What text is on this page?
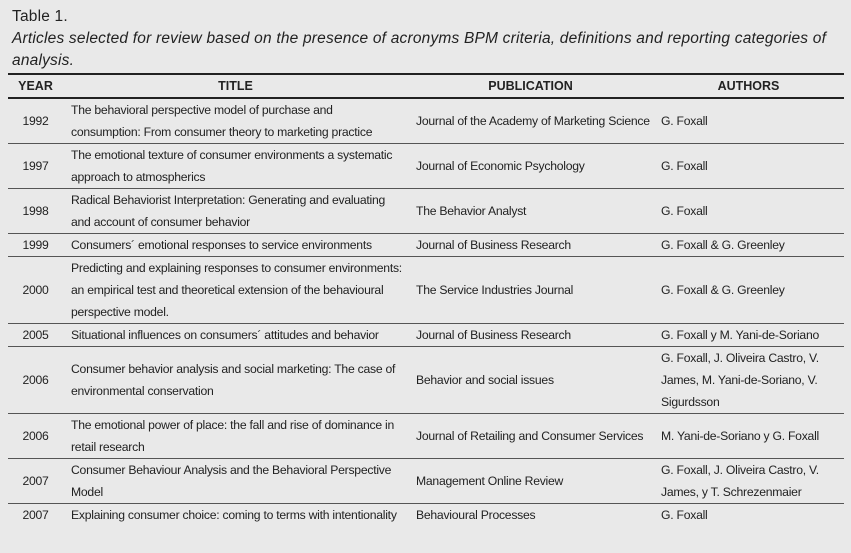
Table 1.
Articles selected for review based on the presence of acronyms BPM criteria, definitions and reporting categories of analysis.
YEAR	TITLE	PUBLICATION	AUTHORS
1992	The behavioral perspective model of purchase and consumption: From consumer theory to marketing practice	Journal of the Academy of Marketing Science	G. Foxall
1997	The emotional texture of consumer environments a systematic approach to atmospherics	Journal of Economic Psychology	G. Foxall
1998	Radical Behaviorist Interpretation: Generating and evaluating and account of consumer behavior	The Behavior Analyst	G. Foxall
1999	Consumers´ emotional responses to service environments	Journal of Business Research	G. Foxall & G. Greenley
2000	Predicting and explaining responses to consumer environments: an empirical test and theoretical extension of the behavioural perspective model.	The Service Industries Journal	G. Foxall & G. Greenley
2005	Situational influences on consumers´ attitudes and behavior	Journal of Business Research	G. Foxall y M. Yani-de-Soriano
2006	Consumer behavior analysis and social marketing: The case of environmental conservation	Behavior and social issues	G. Foxall, J. Oliveira Castro, V. James, M. Yani-de-Soriano, V. Sigurdsson
2006	The emotional power of place: the fall and rise of dominance in retail research	Journal of Retailing and Consumer Services	M. Yani-de-Soriano y G. Foxall
2007	Consumer Behaviour Analysis and the Behavioral Perspective Model	Management Online Review	G. Foxall, J. Oliveira Castro, V. James, y T. Schrezenmaier
2007	Explaining consumer choice: coming to terms with intentionality	Behavioural Processes	G. Foxall
